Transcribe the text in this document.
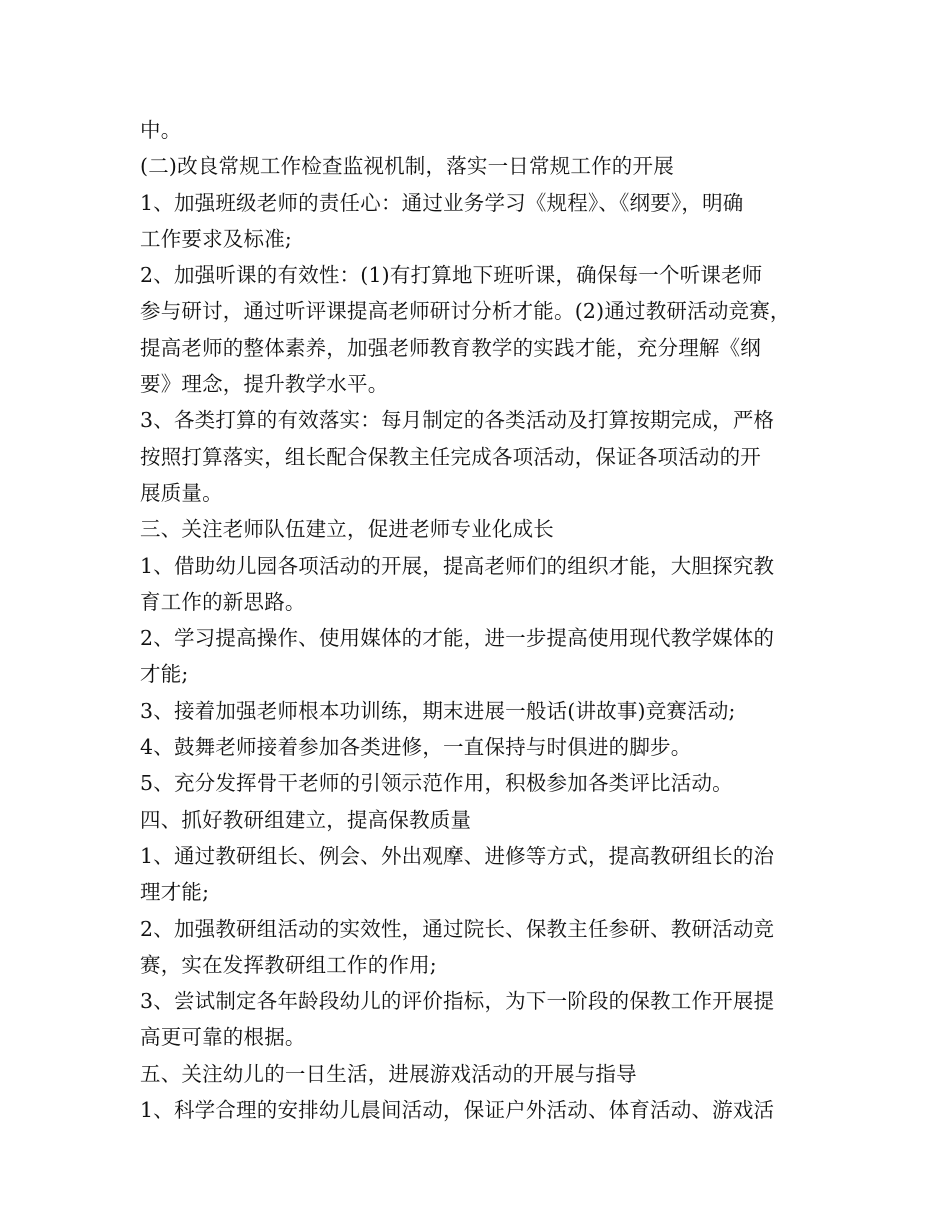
中。
(二)改良常规工作检查监视机制，落实一日常规工作的开展
1、加强班级老师的责任心：通过业务学习《规程》、《纲要》，明确
工作要求及标准;
2、加强听课的有效性：(1)有打算地下班听课，确保每一个听课老师
参与研讨，通过听评课提高老师研讨分析才能。(2)通过教研活动竞赛，
提高老师的整体素养，加强老师教育教学的实践才能，充分理解《纲
要》理念，提升教学水平。
3、各类打算的有效落实：每月制定的各类活动及打算按期完成，严格
按照打算落实，组长配合保教主任完成各项活动，保证各项活动的开
展质量。
三、关注老师队伍建立，促进老师专业化成长
1、借助幼儿园各项活动的开展，提高老师们的组织才能，大胆探究教
育工作的新思路。
2、学习提高操作、使用媒体的才能，进一步提高使用现代教学媒体的
才能;
3、接着加强老师根本功训练，期末进展一般话(讲故事)竞赛活动;
4、鼓舞老师接着参加各类进修，一直保持与时俱进的脚步。
5、充分发挥骨干老师的引领示范作用，积极参加各类评比活动。
四、抓好教研组建立，提高保教质量
1、通过教研组长、例会、外出观摩、进修等方式，提高教研组长的治
理才能;
2、加强教研组活动的实效性，通过院长、保教主任参研、教研活动竞
赛，实在发挥教研组工作的作用;
3、尝试制定各年龄段幼儿的评价指标，为下一阶段的保教工作开展提
高更可靠的根据。
五、关注幼儿的一日生活，进展游戏活动的开展与指导
1、科学合理的安排幼儿晨间活动，保证户外活动、体育活动、游戏活
